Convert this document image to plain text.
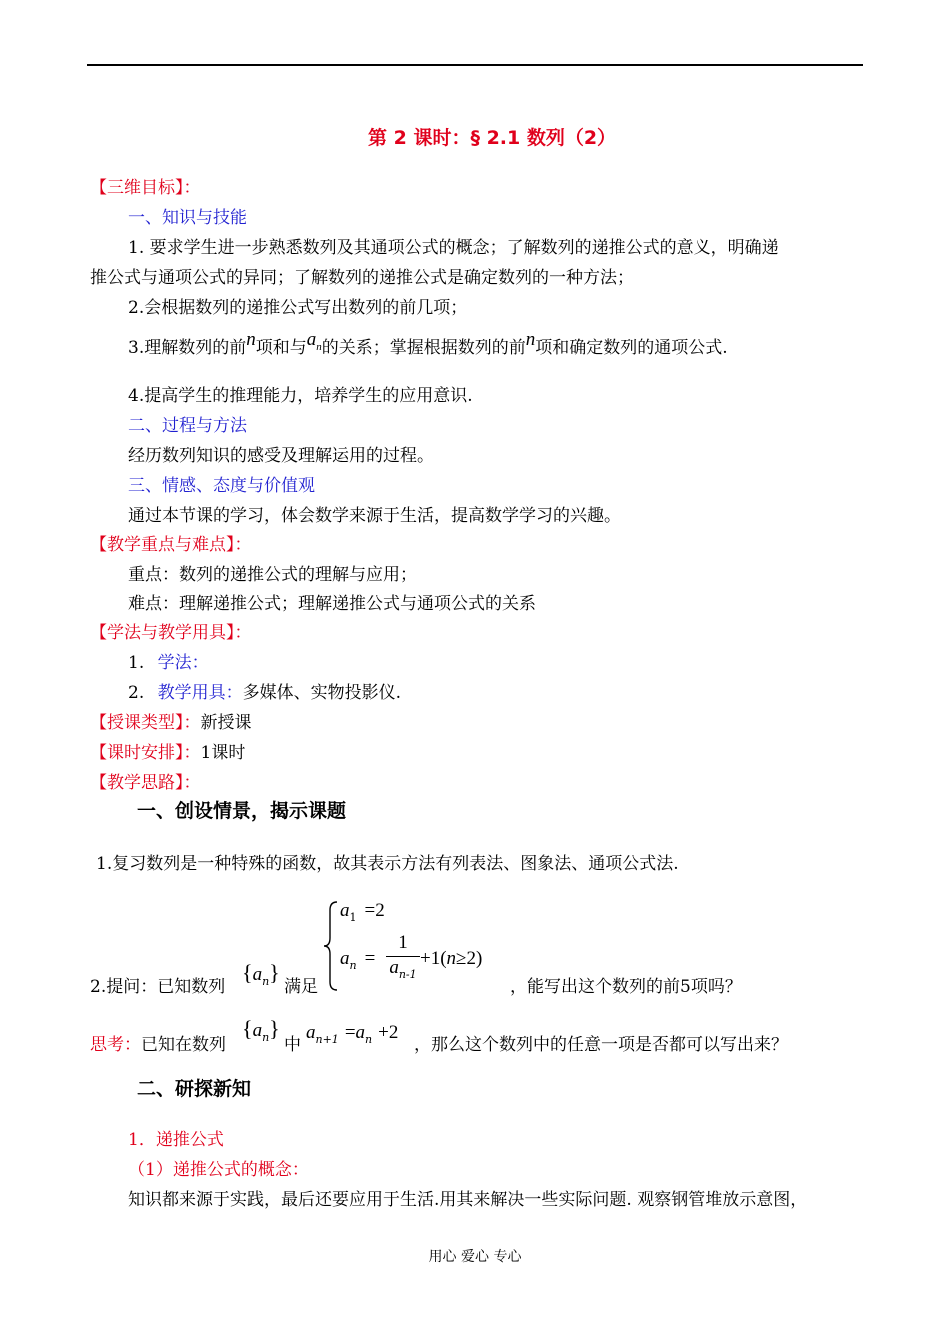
第 2 课时：§ 2.1 数列（2）
【三维目标】：
一、知识与技能
1. 要求学生进一步熟悉数列及其通项公式的概念；了解数列的递推公式的意义，明确递
推公式与通项公式的异同；了解数列的递推公式是确定数列的一种方法；
2.会根据数列的递推公式写出数列的前几项；
3.理解数列的前n项和与$a_n$的关系；掌握根据数列的前n项和确定数列的通项公式.
4.提高学生的推理能力，培养学生的应用意识.
二、过程与方法
经历数列知识的感受及理解运用的过程。
三、情感、态度与价值观
通过本节课的学习，体会数学来源于生活，提高数学学习的兴趣。
【教学重点与难点】：
重点：数列的递推公式的理解与应用；
难点：理解递推公式；理解递推公式与通项公式的关系
【学法与教学用具】：
1. 学法：
2. 教学用具：多媒体、实物投影仪.
【授课类型】：新授课
【课时安排】：1课时
【教学思路】：
一、创设情景，揭示课题
1.复习数列是一种特殊的函数，故其表示方法有列表法、图象法、通项公式法.
$a_1 =2$
$a_n$ =
1
$a_{n-1}$
+1(n≥2)
2.提问：已知数列
$\{a_n\}$
满足	，能写出这个数列的前5项吗？
思考：已知在数列
$\{a_n\}$
中
$a_{n+1} =a_n +2$
，那么这个数列中的任意一项是否都可以写出来？
二、研探新知
1．递推公式
（1）递推公式的概念：
知识都来源于实践，最后还要应用于生活.用其来解决一些实际问题. 观察钢管堆放示意图，
用心 爱心 专心
